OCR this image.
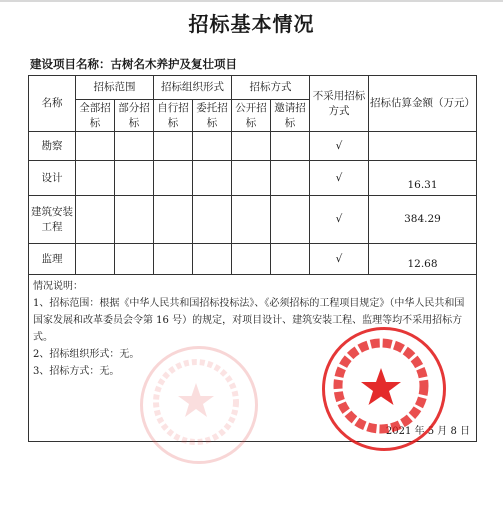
招标基本情况
建设项目名称：古树名木养护及复壮项目
名称	招标范围		招标组织形式		招标方式		不采用招标方式	招标估算金额（万元）
	全部招标	部分招标	自行招标	委托招标	公开招标	邀请招标		
勘察							√	
设计							√	16.31
建筑安装工程							√	384.29
监理							√	12.68

情况说明：
1、招标范围：根据《中华人民共和国招标投标法》、《必须招标的工程项目规定》（中华人民共和国国家发展和改革委员会令第 16 号）的规定，对项目设计、建筑安装工程、监理等均不采用招标方式。
2、招标组织形式：无。
3、招标方式：无。
2021 年 5 月 8 日								
